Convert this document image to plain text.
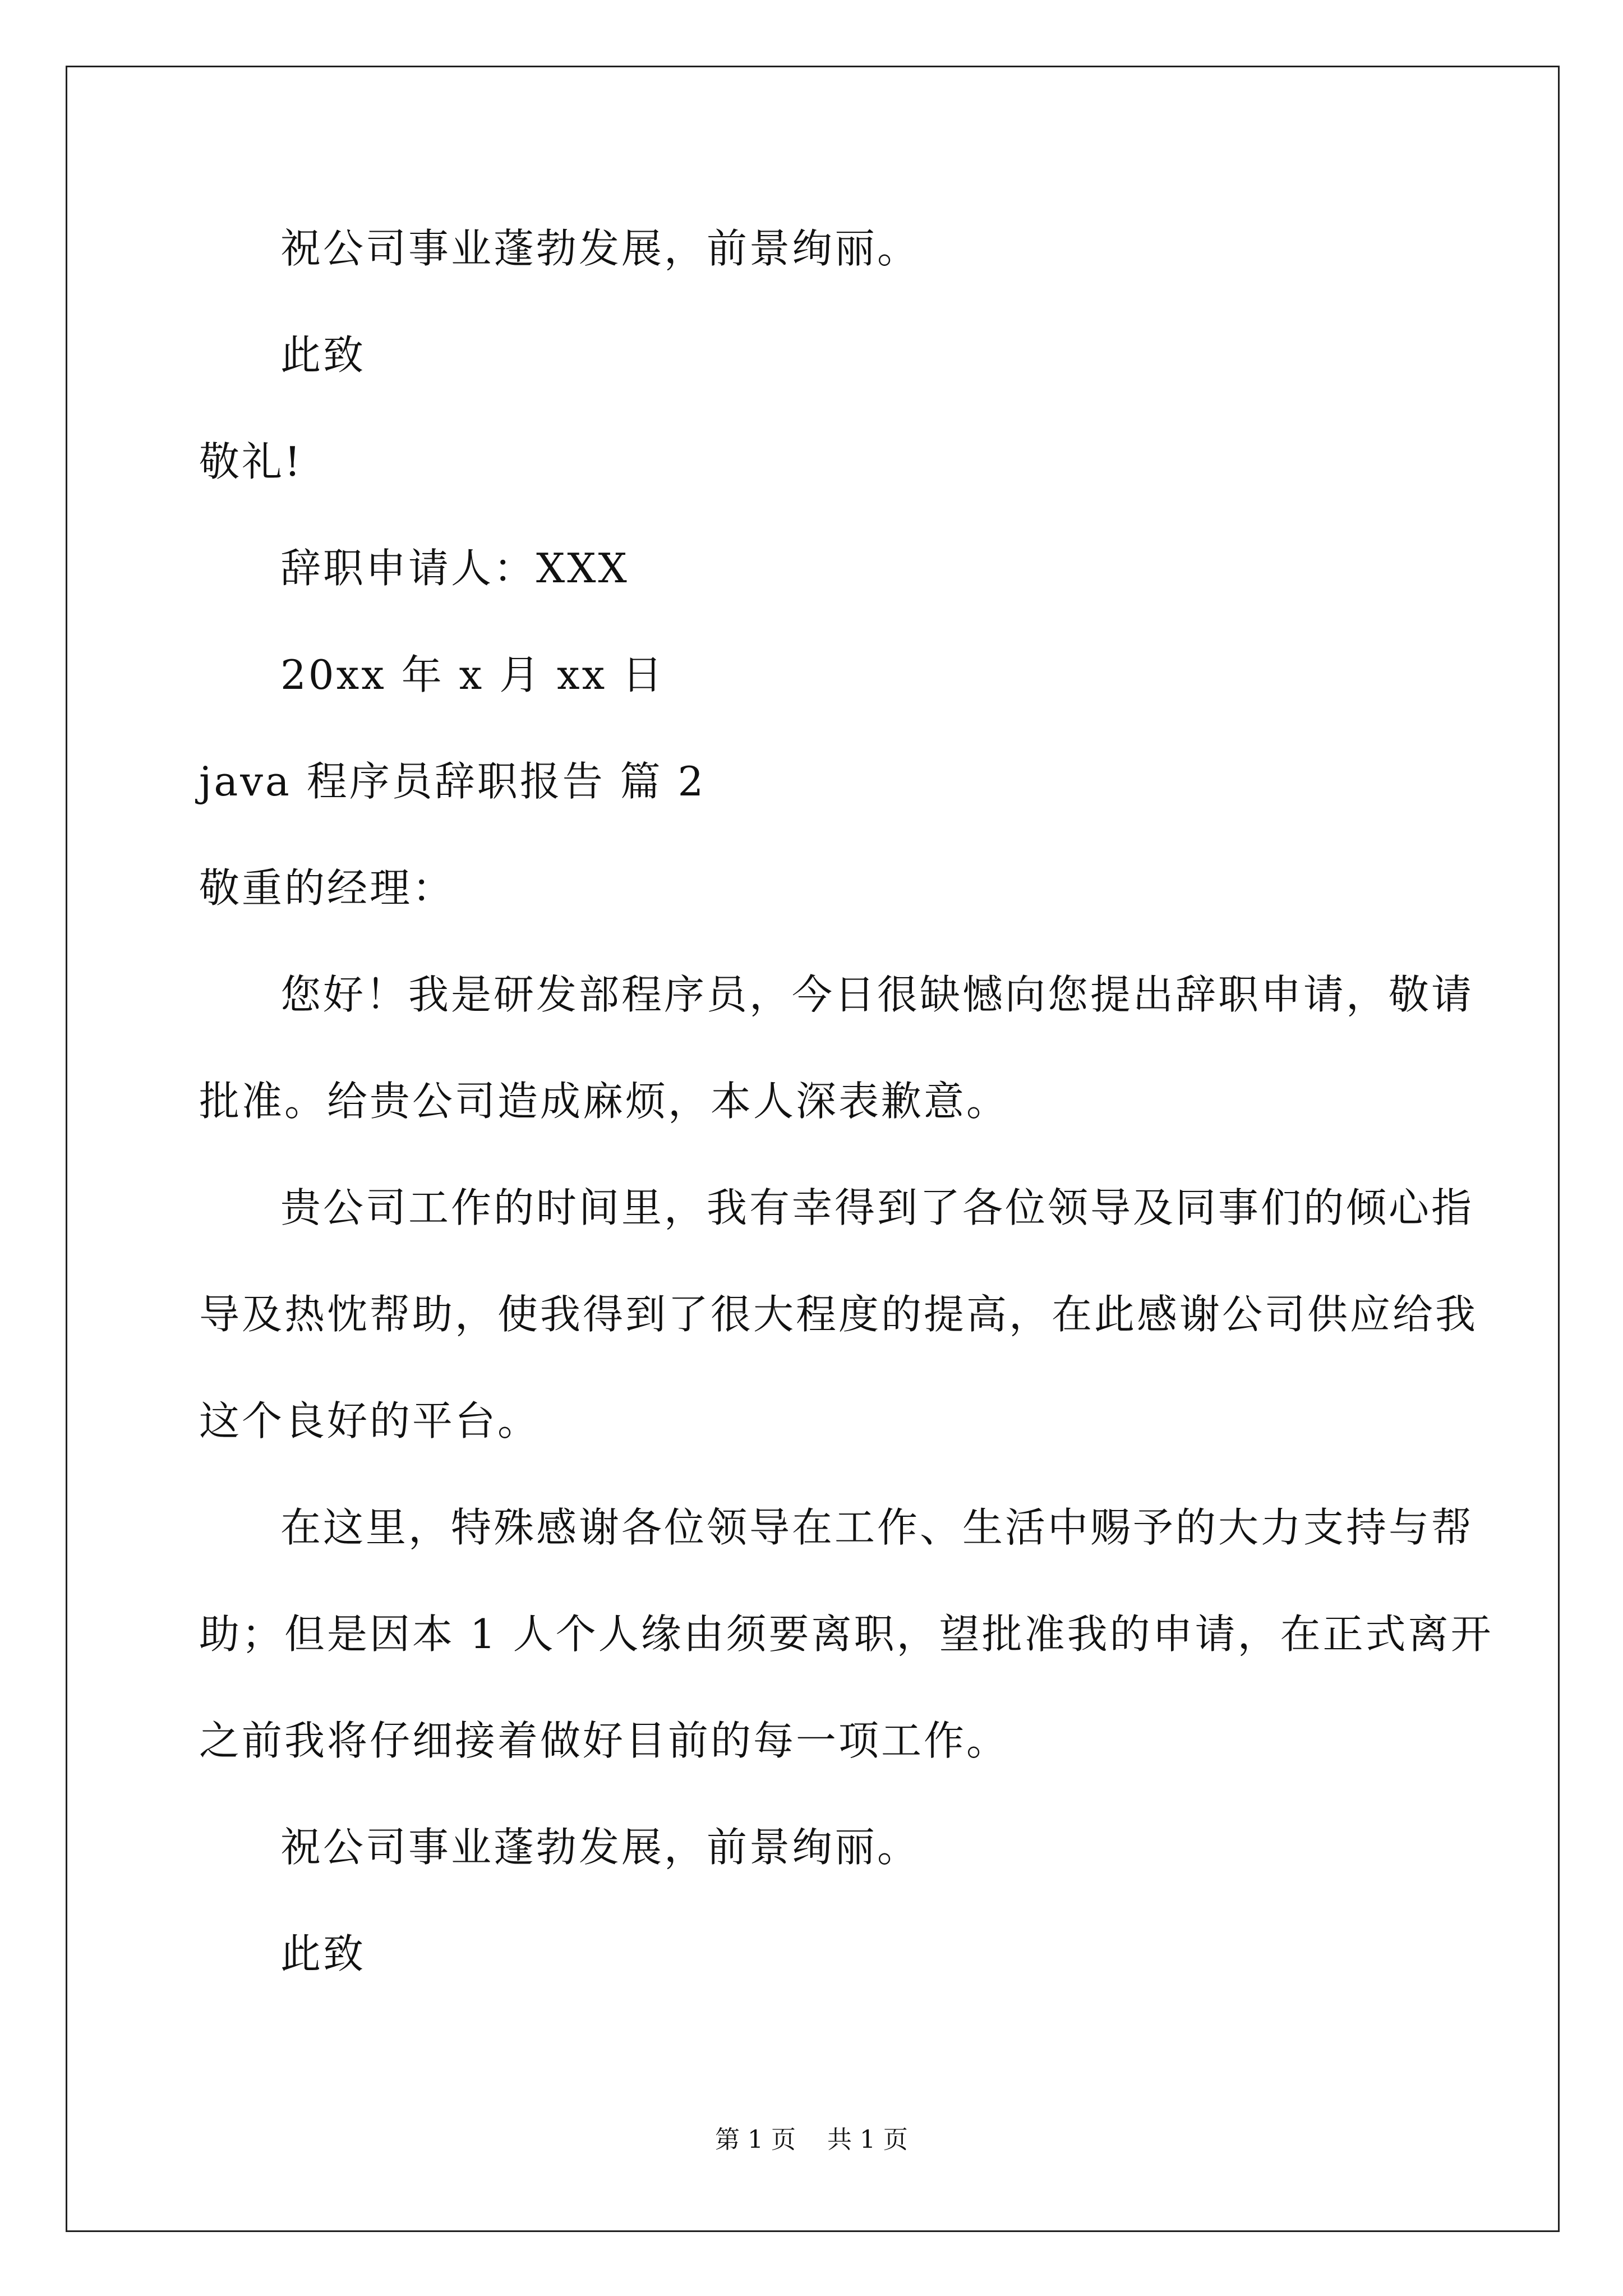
祝公司事业蓬勃发展，前景绚丽。
此致
敬礼!
辞职申请人：XXX
20xx 年 x 月 xx 日
java 程序员辞职报告 篇 2
敬重的经理：
您好！我是研发部程序员，今日很缺憾向您提出辞职申请，敬请
批准。给贵公司造成麻烦，本人深表歉意。
贵公司工作的时间里，我有幸得到了各位领导及同事们的倾心指
导及热忱帮助，使我得到了很大程度的提高，在此感谢公司供应给我
这个良好的平台。
在这里，特殊感谢各位领导在工作、生活中赐予的大力支持与帮
助；但是因本 1 人个人缘由须要离职，望批准我的申请，在正式离开
之前我将仔细接着做好目前的每一项工作。
祝公司事业蓬勃发展，前景绚丽。
此致
第 1 页    共 1 页
